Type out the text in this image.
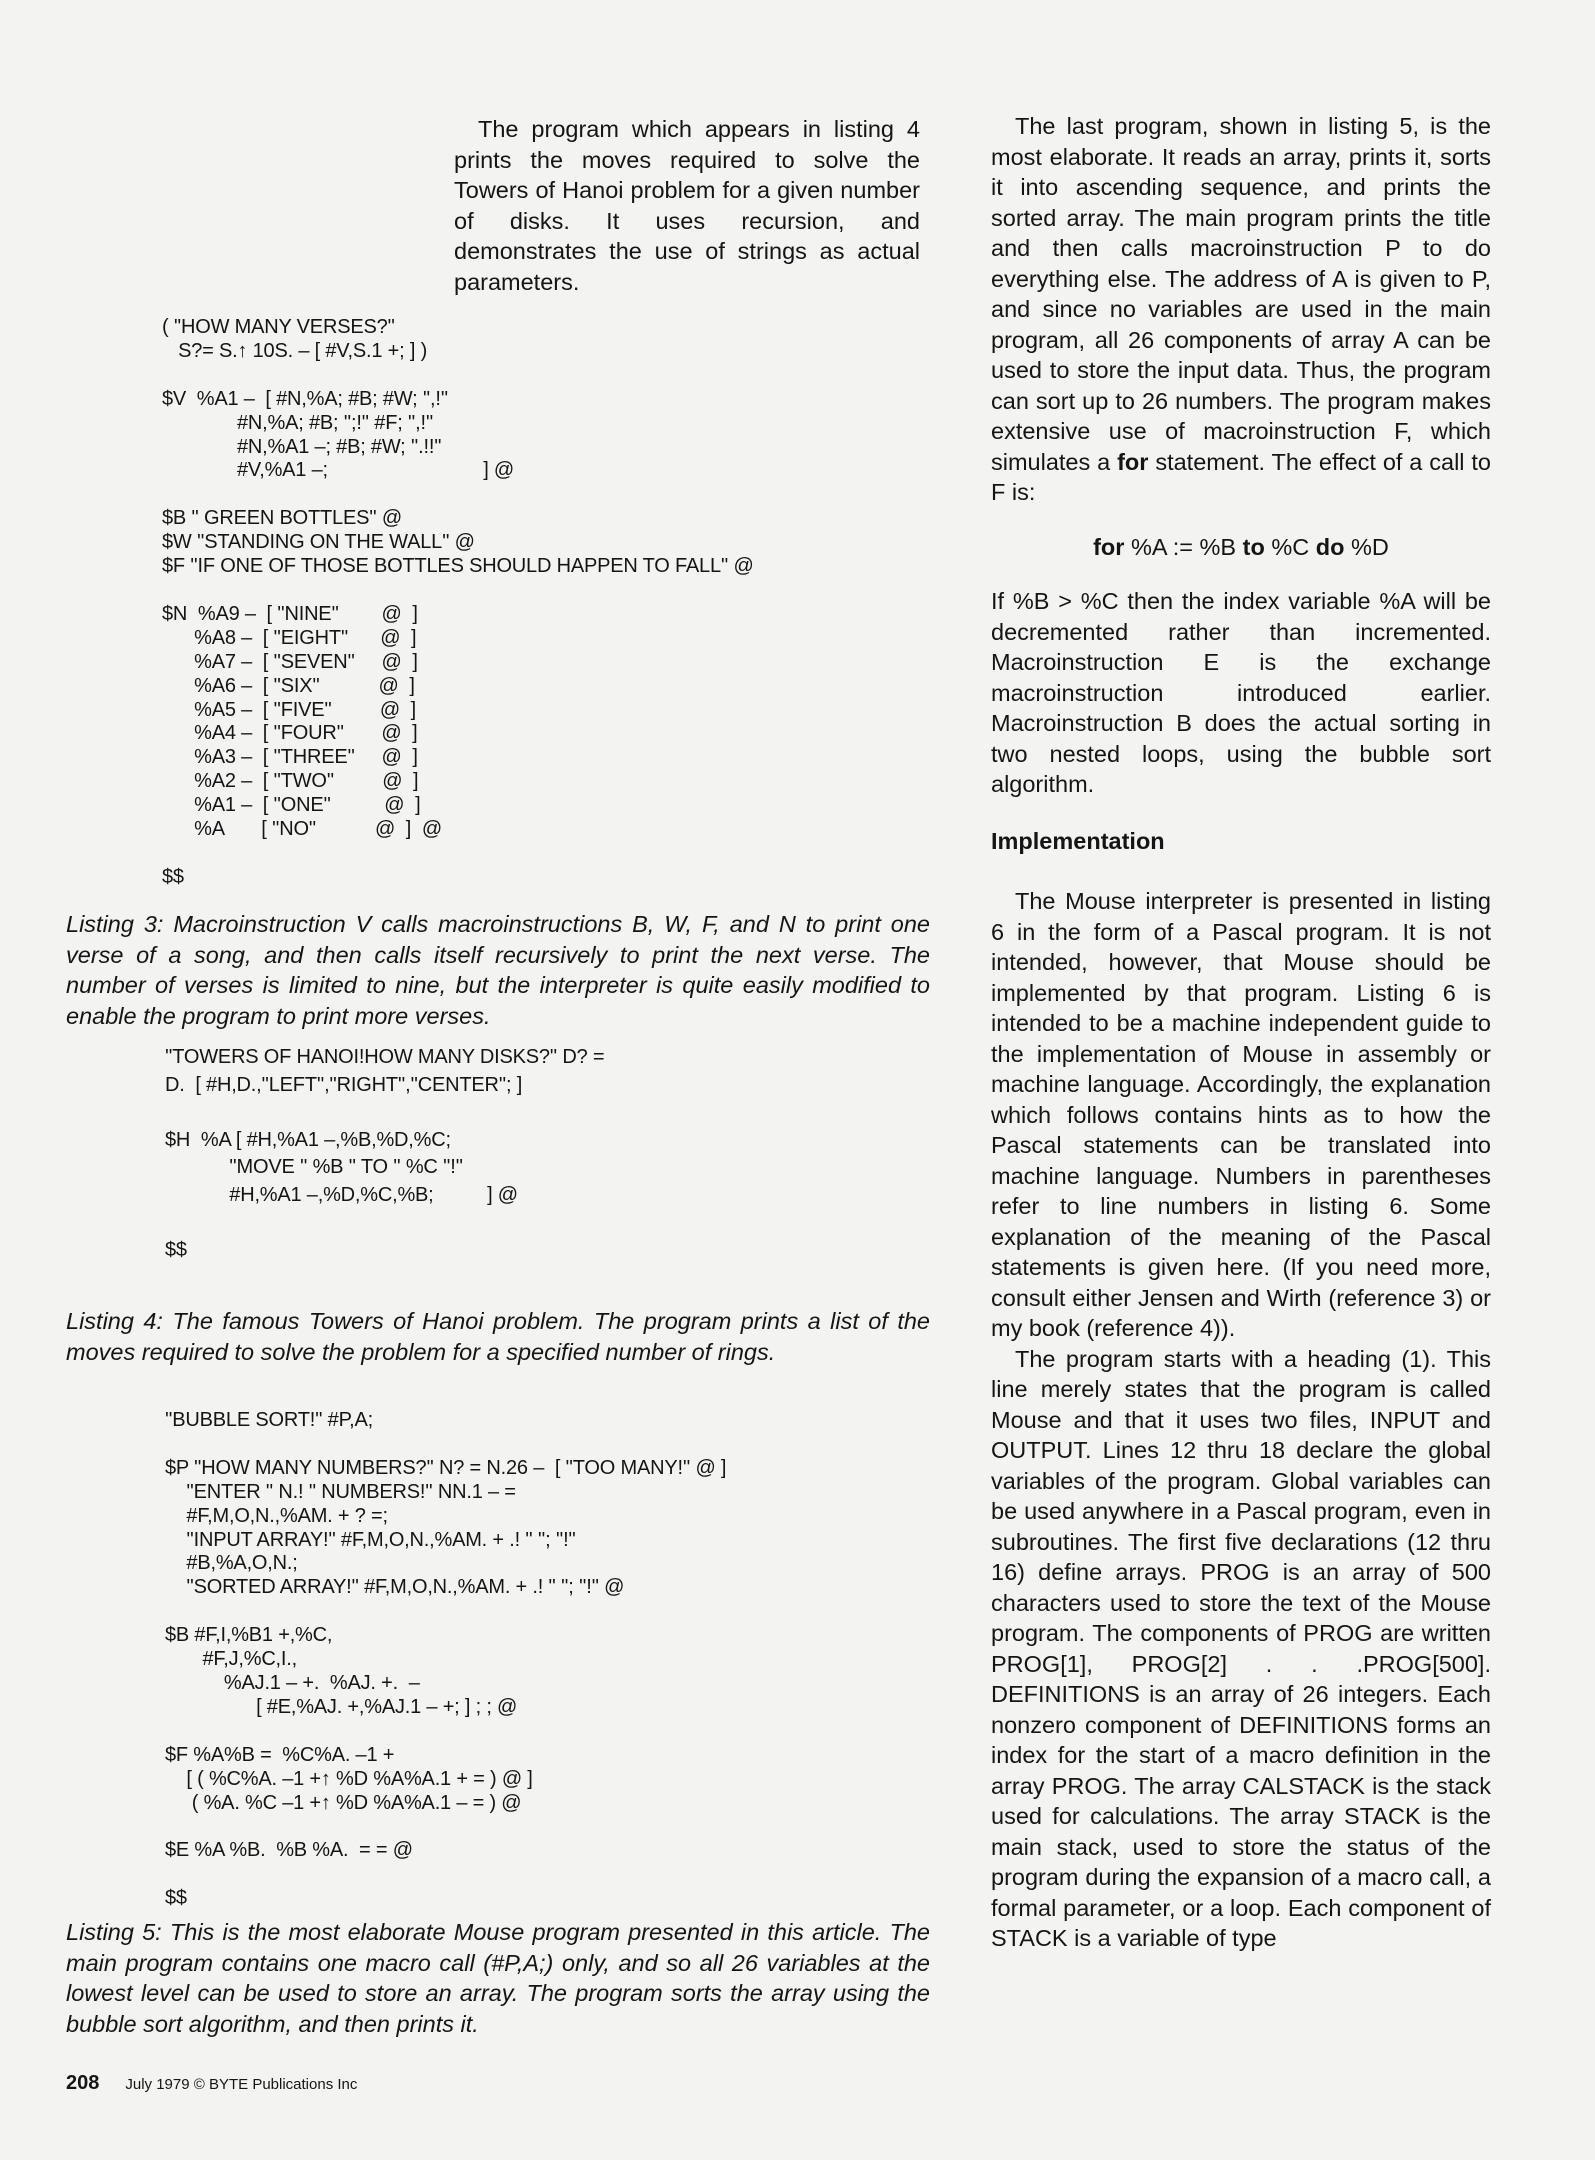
The program which appears in listing 4 prints the moves required to solve the Towers of Hanoi problem for a given number of disks. It uses recursion, and demonstrates the use of strings as actual parameters.

( ''HOW MANY VERSES?''
S?= S.↑ 10S. – [ #V,S.1 +; ] )

$V  %A1 –  [ #N,%A; #B; #W; '',!''
#N,%A; #B; '';!'' #F; '',!''
#N,%A1 –; #B; #W; ''.!!''
#V,%A1 –;                             ] @

$B '' GREEN BOTTLES'' @
$W ''STANDING ON THE WALL'' @
$F ''IF ONE OF THOSE BOTTLES SHOULD HAPPEN TO FALL'' @

$N  %A9 –  [ ''NINE''        @  ]
%A8 –  [ ''EIGHT''      @  ]
%A7 –  [ ''SEVEN''     @  ]
%A6 –  [ ''SIX''           @  ]
%A5 –  [ ''FIVE''         @  ]
%A4 –  [ ''FOUR''       @  ]
%A3 –  [ ''THREE''     @  ]
%A2 –  [ ''TWO''         @  ]
%A1 –  [ ''ONE''          @  ]
%A       [ ''NO''           @  ]  @

$$
Listing 3: Macroinstruction V calls macroinstructions B, W, F, and N to print one verse of a song, and then calls itself recursively to print the next verse. The number of verses is limited to nine, but the interpreter is quite easily modified to enable the program to print more verses.
''TOWERS OF HANOI!HOW MANY DISKS?'' D? =
D.  [ #H,D.,''LEFT'',''RIGHT'',''CENTER''; ]

$H  %A [ #H,%A1 –,%B,%D,%C;
''MOVE '' %B '' TO '' %C ''!''
#H,%A1 –,%D,%C,%B;          ] @

$$
Listing 4: The famous Towers of Hanoi problem. The program prints a list of the moves required to solve the problem for a specified number of rings.
''BUBBLE SORT!'' #P,A;

$P ''HOW MANY NUMBERS?'' N? = N.26 –  [ ''TOO MANY!'' @ ]
''ENTER '' N.! '' NUMBERS!'' NN.1 – =
#F,M,O,N.,%AM. + ? =;
''INPUT ARRAY!'' #F,M,O,N.,%AM. + .! '' ''; ''!''
#B,%A,O,N.;
''SORTED ARRAY!'' #F,M,O,N.,%AM. + .! '' ''; ''!'' @

$B #F,I,%B1 +,%C,
#F,J,%C,I.,
%AJ.1 – +.  %AJ. +.  –
[ #E,%AJ. +,%AJ.1 – +; ] ; ; @

$F %A%B =  %C%A. –1 +
[ ( %C%A. –1 +↑ %D %A%A.1 + = ) @ ]
( %A. %C –1 +↑ %D %A%A.1 – = ) @

$E %A %B.  %B %A.  = = @

$$
Listing 5: This is the most elaborate Mouse program presented in this article. The main program contains one macro call (#P,A;) only, and so all 26 variables at the lowest level can be used to store an array. The program sorts the array using the bubble sort algorithm, and then prints it.

The last program, shown in listing 5, is the most elaborate. It reads an array, prints it, sorts it into ascending sequence, and prints the sorted array. The main program prints the title and then calls macroinstruction P to do everything else. The address of A is given to P, and since no variables are used in the main program, all 26 components of array A can be used to store the input data. Thus, the program can sort up to 26 numbers. The program makes extensive use of macroinstruction F, which simulates a for statement. The effect of a call to F is:

for %A := %B to %C do %D

If %B > %C then the index variable %A will be decremented rather than incremented. Macroinstruction E is the exchange macroinstruction introduced earlier. Macroinstruction B does the actual sorting in two nested loops, using the bubble sort algorithm.

Implementation

The Mouse interpreter is presented in listing 6 in the form of a Pascal program. It is not intended, however, that Mouse should be implemented by that program. Listing 6 is intended to be a machine independent guide to the implementation of Mouse in assembly or machine language. Accordingly, the explanation which follows contains hints as to how the Pascal statements can be translated into machine language. Numbers in parentheses refer to line numbers in listing 6. Some explanation of the meaning of the Pascal statements is given here. (If you need more, consult either Jensen and Wirth (reference 3) or my book (reference 4)).

The program starts with a heading (1). This line merely states that the program is called Mouse and that it uses two files, INPUT and OUTPUT. Lines 12 thru 18 declare the global variables of the program. Global variables can be used anywhere in a Pascal program, even in subroutines. The first five declarations (12 thru 16) define arrays. PROG is an array of 500 characters used to store the text of the Mouse program. The components of PROG are written PROG[1], PROG[2] . . .PROG[500]. DEFINITIONS is an array of 26 integers. Each nonzero component of DEFINITIONS forms an index for the start of a macro definition in the array PROG. The array CALSTACK is the stack used for calculations. The array STACK is the main stack, used to store the status of the program during the expansion of a macro call, a formal parameter, or a loop. Each component of STACK is a variable of type

208 July 1979 © BYTE Publications Inc
